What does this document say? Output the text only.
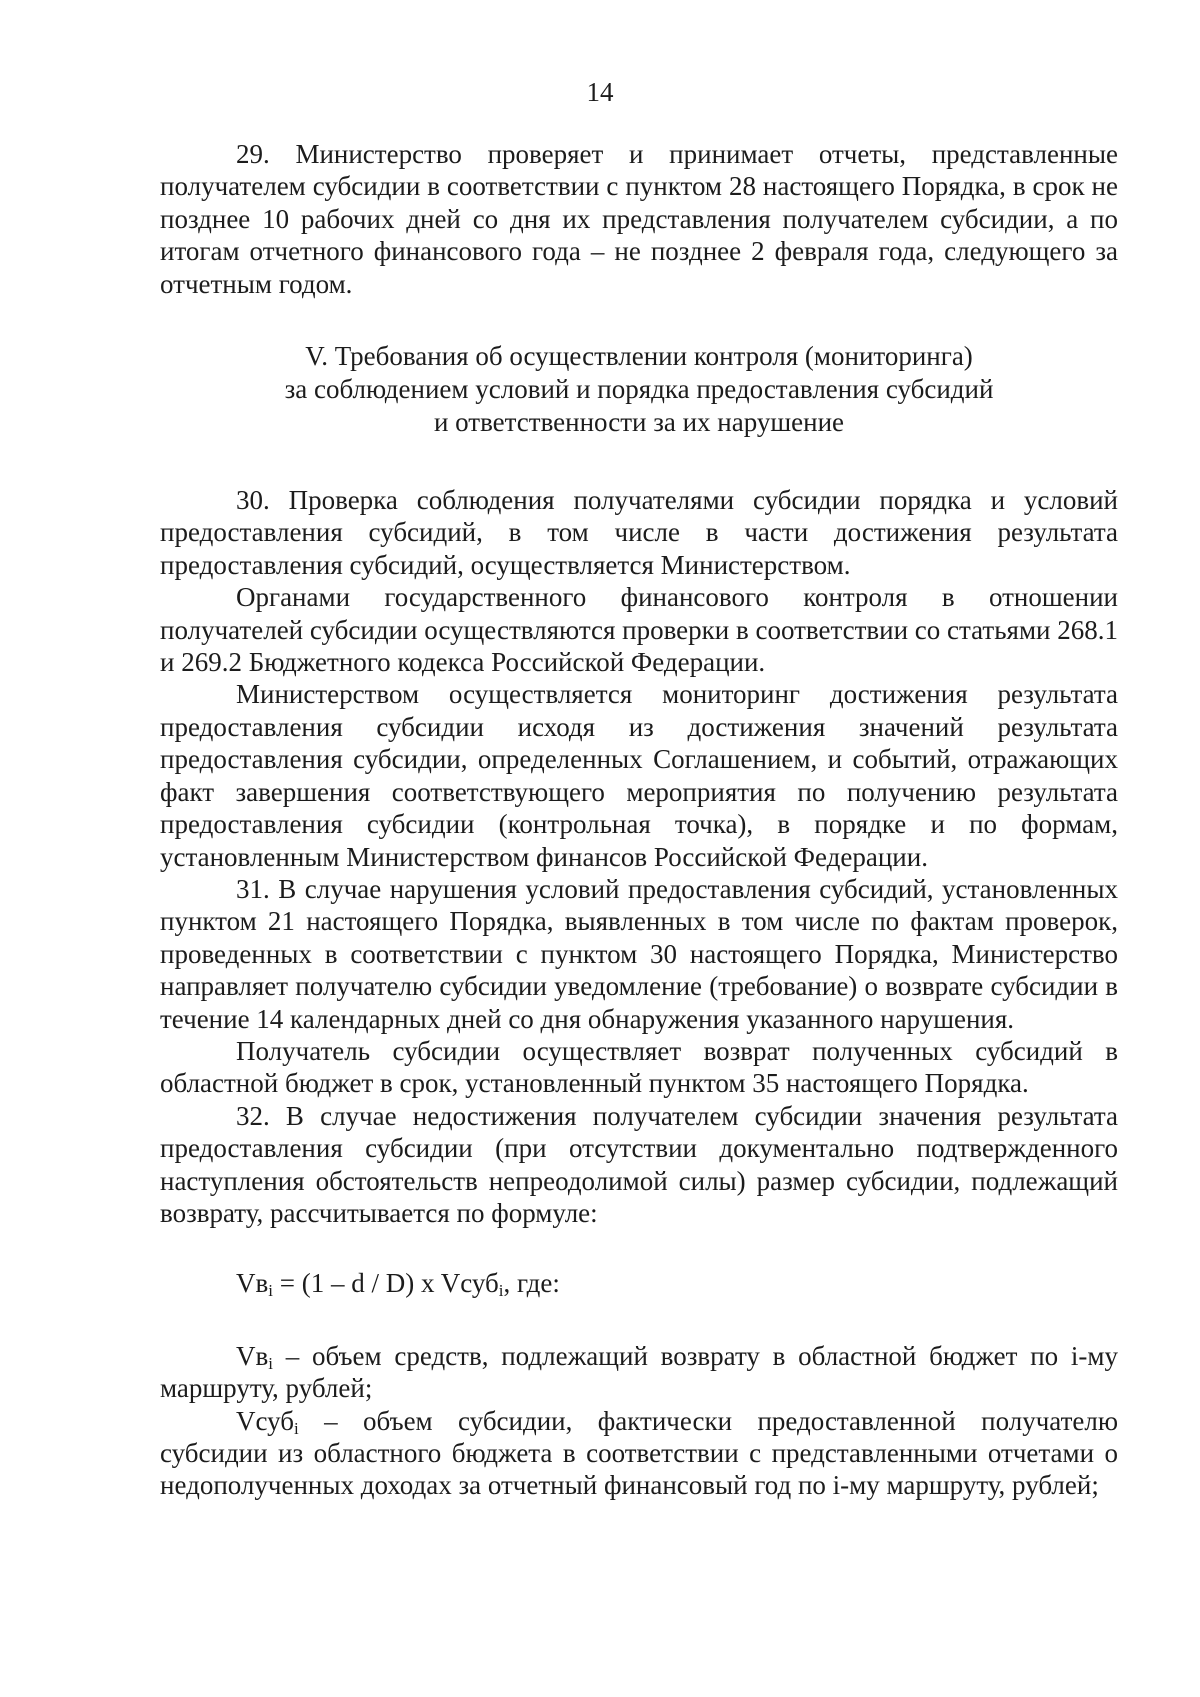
14

29. Министерство проверяет и принимает отчеты, представленные получателем субсидии в соответствии с пунктом 28 настоящего Порядка, в срок не позднее 10 рабочих дней со дня их представления получателем субсидии, а по итогам отчетного финансового года – не позднее 2 февраля года, следующего за отчетным годом.

V. Требования об осуществлении контроля (мониторинга)
за соблюдением условий и порядка предоставления субсидий
и ответственности за их нарушение

30. Проверка соблюдения получателями субсидии порядка и условий предоставления субсидий, в том числе в части достижения результата предоставления субсидий, осуществляется Министерством.

Органами государственного финансового контроля в отношении получателей субсидии осуществляются проверки в соответствии со статьями 268.1 и 269.2 Бюджетного кодекса Российской Федерации.

Министерством осуществляется мониторинг достижения результата предоставления субсидии исходя из достижения значений результата предоставления субсидии, определенных Соглашением, и событий, отражающих факт завершения соответствующего мероприятия по получению результата предоставления субсидии (контрольная точка), в порядке и по формам, установленным Министерством финансов Российской Федерации.

31. В случае нарушения условий предоставления субсидий, установленных пунктом 21 настоящего Порядка, выявленных в том числе по фактам проверок, проведенных в соответствии с пунктом 30 настоящего Порядка, Министерство направляет получателю субсидии уведомление (требование) о возврате субсидии в течение 14 календарных дней со дня обнаружения указанного нарушения.

Получатель субсидии осуществляет возврат полученных субсидий в областной бюджет в срок, установленный пунктом 35 настоящего Порядка.

32. В случае недостижения получателем субсидии значения результата предоставления субсидии (при отсутствии документально подтвержденного наступления обстоятельств непреодолимой силы) размер субсидии, подлежащий возврату, рассчитывается по формуле:

$Vв_i = (1 - d / D)$ x Vсуб$_i$, где:

$Vв_i$ – объем средств, подлежащий возврату в областной бюджет по i-му маршруту, рублей;

Vсуб$_i$ – объем субсидии, фактически предоставленной получателю субсидии из областного бюджета в соответствии с представленными отчетами о недополученных доходах за отчетный финансовый год по i-му маршруту, рублей;
